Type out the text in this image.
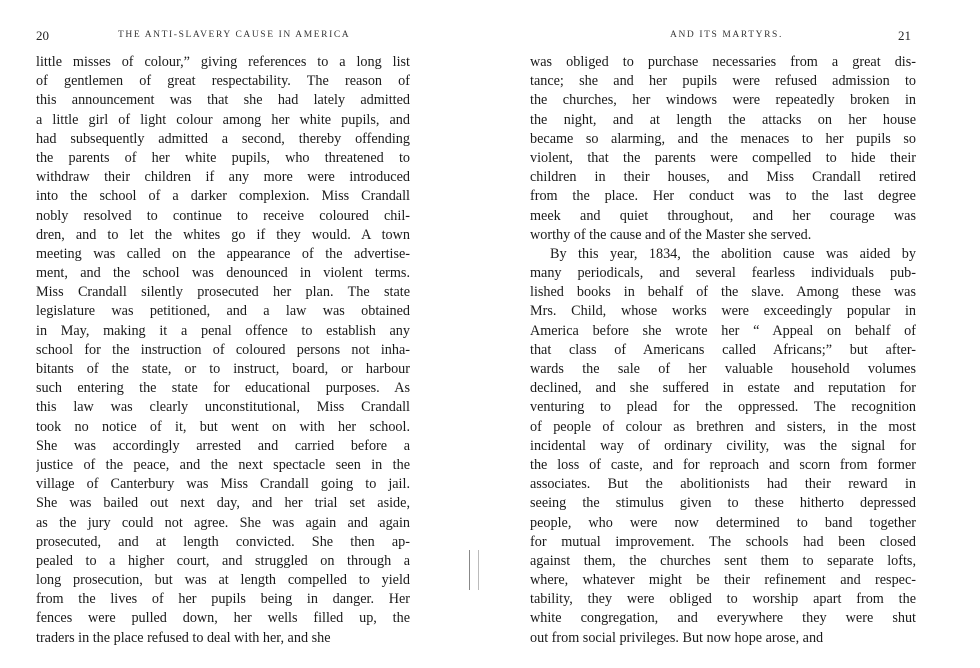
20	THE ANTI-SLAVERY CAUSE IN AMERICA
little misses of colour,” giving references to a long list
of gentlemen of great respectability. The reason of
this announcement was that she had lately admitted
a little girl of light colour among her white pupils, and
had subsequently admitted a second, thereby offending
the parents of her white pupils, who threatened to
withdraw their children if any more were introduced
into the school of a darker complexion. Miss Crandall
nobly resolved to continue to receive coloured chil-
dren, and to let the whites go if they would. A town
meeting was called on the appearance of the advertise-
ment, and the school was denounced in violent terms.
Miss Crandall silently prosecuted her plan. The state
legislature was petitioned, and a law was obtained
in May, making it a penal offence to establish any
school for the instruction of coloured persons not inha-
bitants of the state, or to instruct, board, or harbour
such entering the state for educational purposes. As
this law was clearly unconstitutional, Miss Crandall
took no notice of it, but went on with her school.
She was accordingly arrested and carried before a
justice of the peace, and the next spectacle seen in the
village of Canterbury was Miss Crandall going to jail.
She was bailed out next day, and her trial set aside,
as the jury could not agree. She was again and again
prosecuted, and at length convicted. She then ap-
pealed to a higher court, and struggled on through a
long prosecution, but was at length compelled to yield
from the lives of her pupils being in danger. Her
fences were pulled down, her wells filled up, the
traders in the place refused to deal with her, and she
AND ITS MARTYRS.	21
was obliged to purchase necessaries from a great dis-
tance; she and her pupils were refused admission to
the churches, her windows were repeatedly broken in
the night, and at length the attacks on her house
became so alarming, and the menaces to her pupils so
violent, that the parents were compelled to hide their
children in their houses, and Miss Crandall retired
from the place. Her conduct was to the last degree
meek and quiet throughout, and her courage was
worthy of the cause and of the Master she served.
By this year, 1834, the abolition cause was aided by
many periodicals, and several fearless individuals pub-
lished books in behalf of the slave. Among these was
Mrs. Child, whose works were exceedingly popular in
America before she wrote her “ Appeal on behalf of
that class of Americans called Africans;” but after-
wards the sale of her valuable household volumes
declined, and she suffered in estate and reputation for
venturing to plead for the oppressed. The recognition
of people of colour as brethren and sisters, in the most
incidental way of ordinary civility, was the signal for
the loss of caste, and for reproach and scorn from former
associates. But the abolitionists had their reward in
seeing the stimulus given to these hitherto depressed
people, who were now determined to band together
for mutual improvement. The schools had been closed
against them, the churches sent them to separate lofts,
where, whatever might be their refinement and respec-
tability, they were obliged to worship apart from the
white congregation, and everywhere they were shut
out from social privileges. But now hope arose, and
